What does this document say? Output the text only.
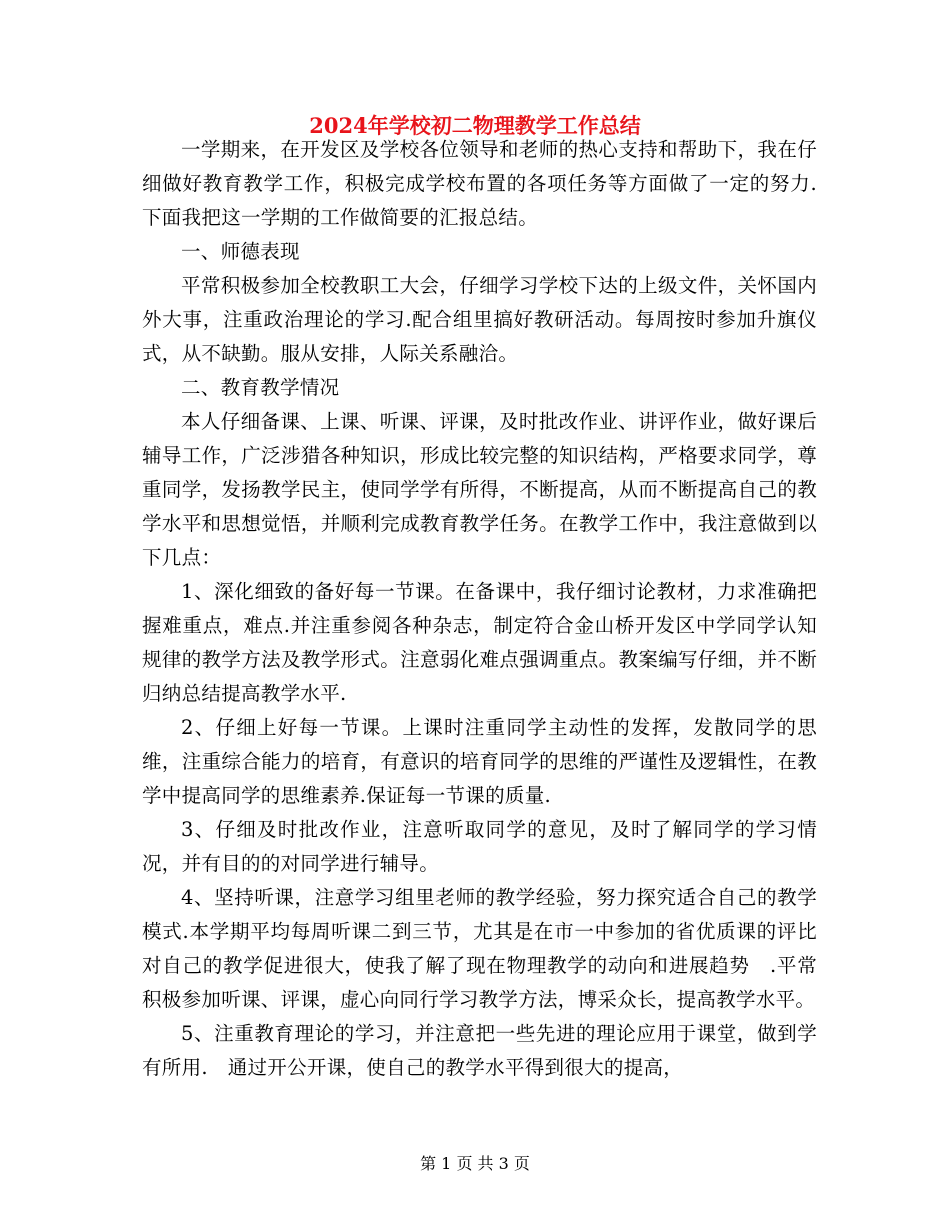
2024年学校初二物理教学工作总结

一学期来，在开发区及学校各位领导和老师的热心支持和帮助下，我在仔细做好教育教学工作，积极完成学校布置的各项任务等方面做了一定的努力.下面我把这一学期的工作做简要的汇报总结。

一、师德表现

平常积极参加全校教职工大会，仔细学习学校下达的上级文件，关怀国内外大事，注重政治理论的学习.配合组里搞好教研活动。每周按时参加升旗仪式，从不缺勤。服从安排，人际关系融洽。

二、教育教学情况

本人仔细备课、上课、听课、评课，及时批改作业、讲评作业，做好课后辅导工作，广泛涉猎各种知识，形成比较完整的知识结构，严格要求同学，尊重同学，发扬教学民主，使同学学有所得，不断提高，从而不断提高自己的教学水平和思想觉悟，并顺利完成教育教学任务。在教学工作中，我注意做到以下几点：

1、深化细致的备好每一节课。在备课中，我仔细讨论教材，力求准确把握难重点，难点.并注重参阅各种杂志，制定符合金山桥开发区中学同学认知规律的教学方法及教学形式。注意弱化难点强调重点。教案编写仔细，并不断归纳总结提高教学水平.

2、仔细上好每一节课。上课时注重同学主动性的发挥，发散同学的思维，注重综合能力的培育，有意识的培育同学的思维的严谨性及逻辑性，在教学中提高同学的思维素养.保证每一节课的质量.

3、仔细及时批改作业，注意听取同学的意见，及时了解同学的学习情况，并有目的的对同学进行辅导。

4、坚持听课，注意学习组里老师的教学经验，努力探究适合自己的教学模式.本学期平均每周听课二到三节，尤其是在市一中参加的省优质课的评比对自己的教学促进很大，使我了解了现在物理教学的动向和进展趋势　.平常积极参加听课、评课，虚心向同行学习教学方法，博采众长，提高教学水平。

5、注重教育理论的学习，并注意把一些先进的理论应用于课堂，做到学有所用.　通过开公开课，使自己的教学水平得到很大的提高，

第 1 页 共 3 页
